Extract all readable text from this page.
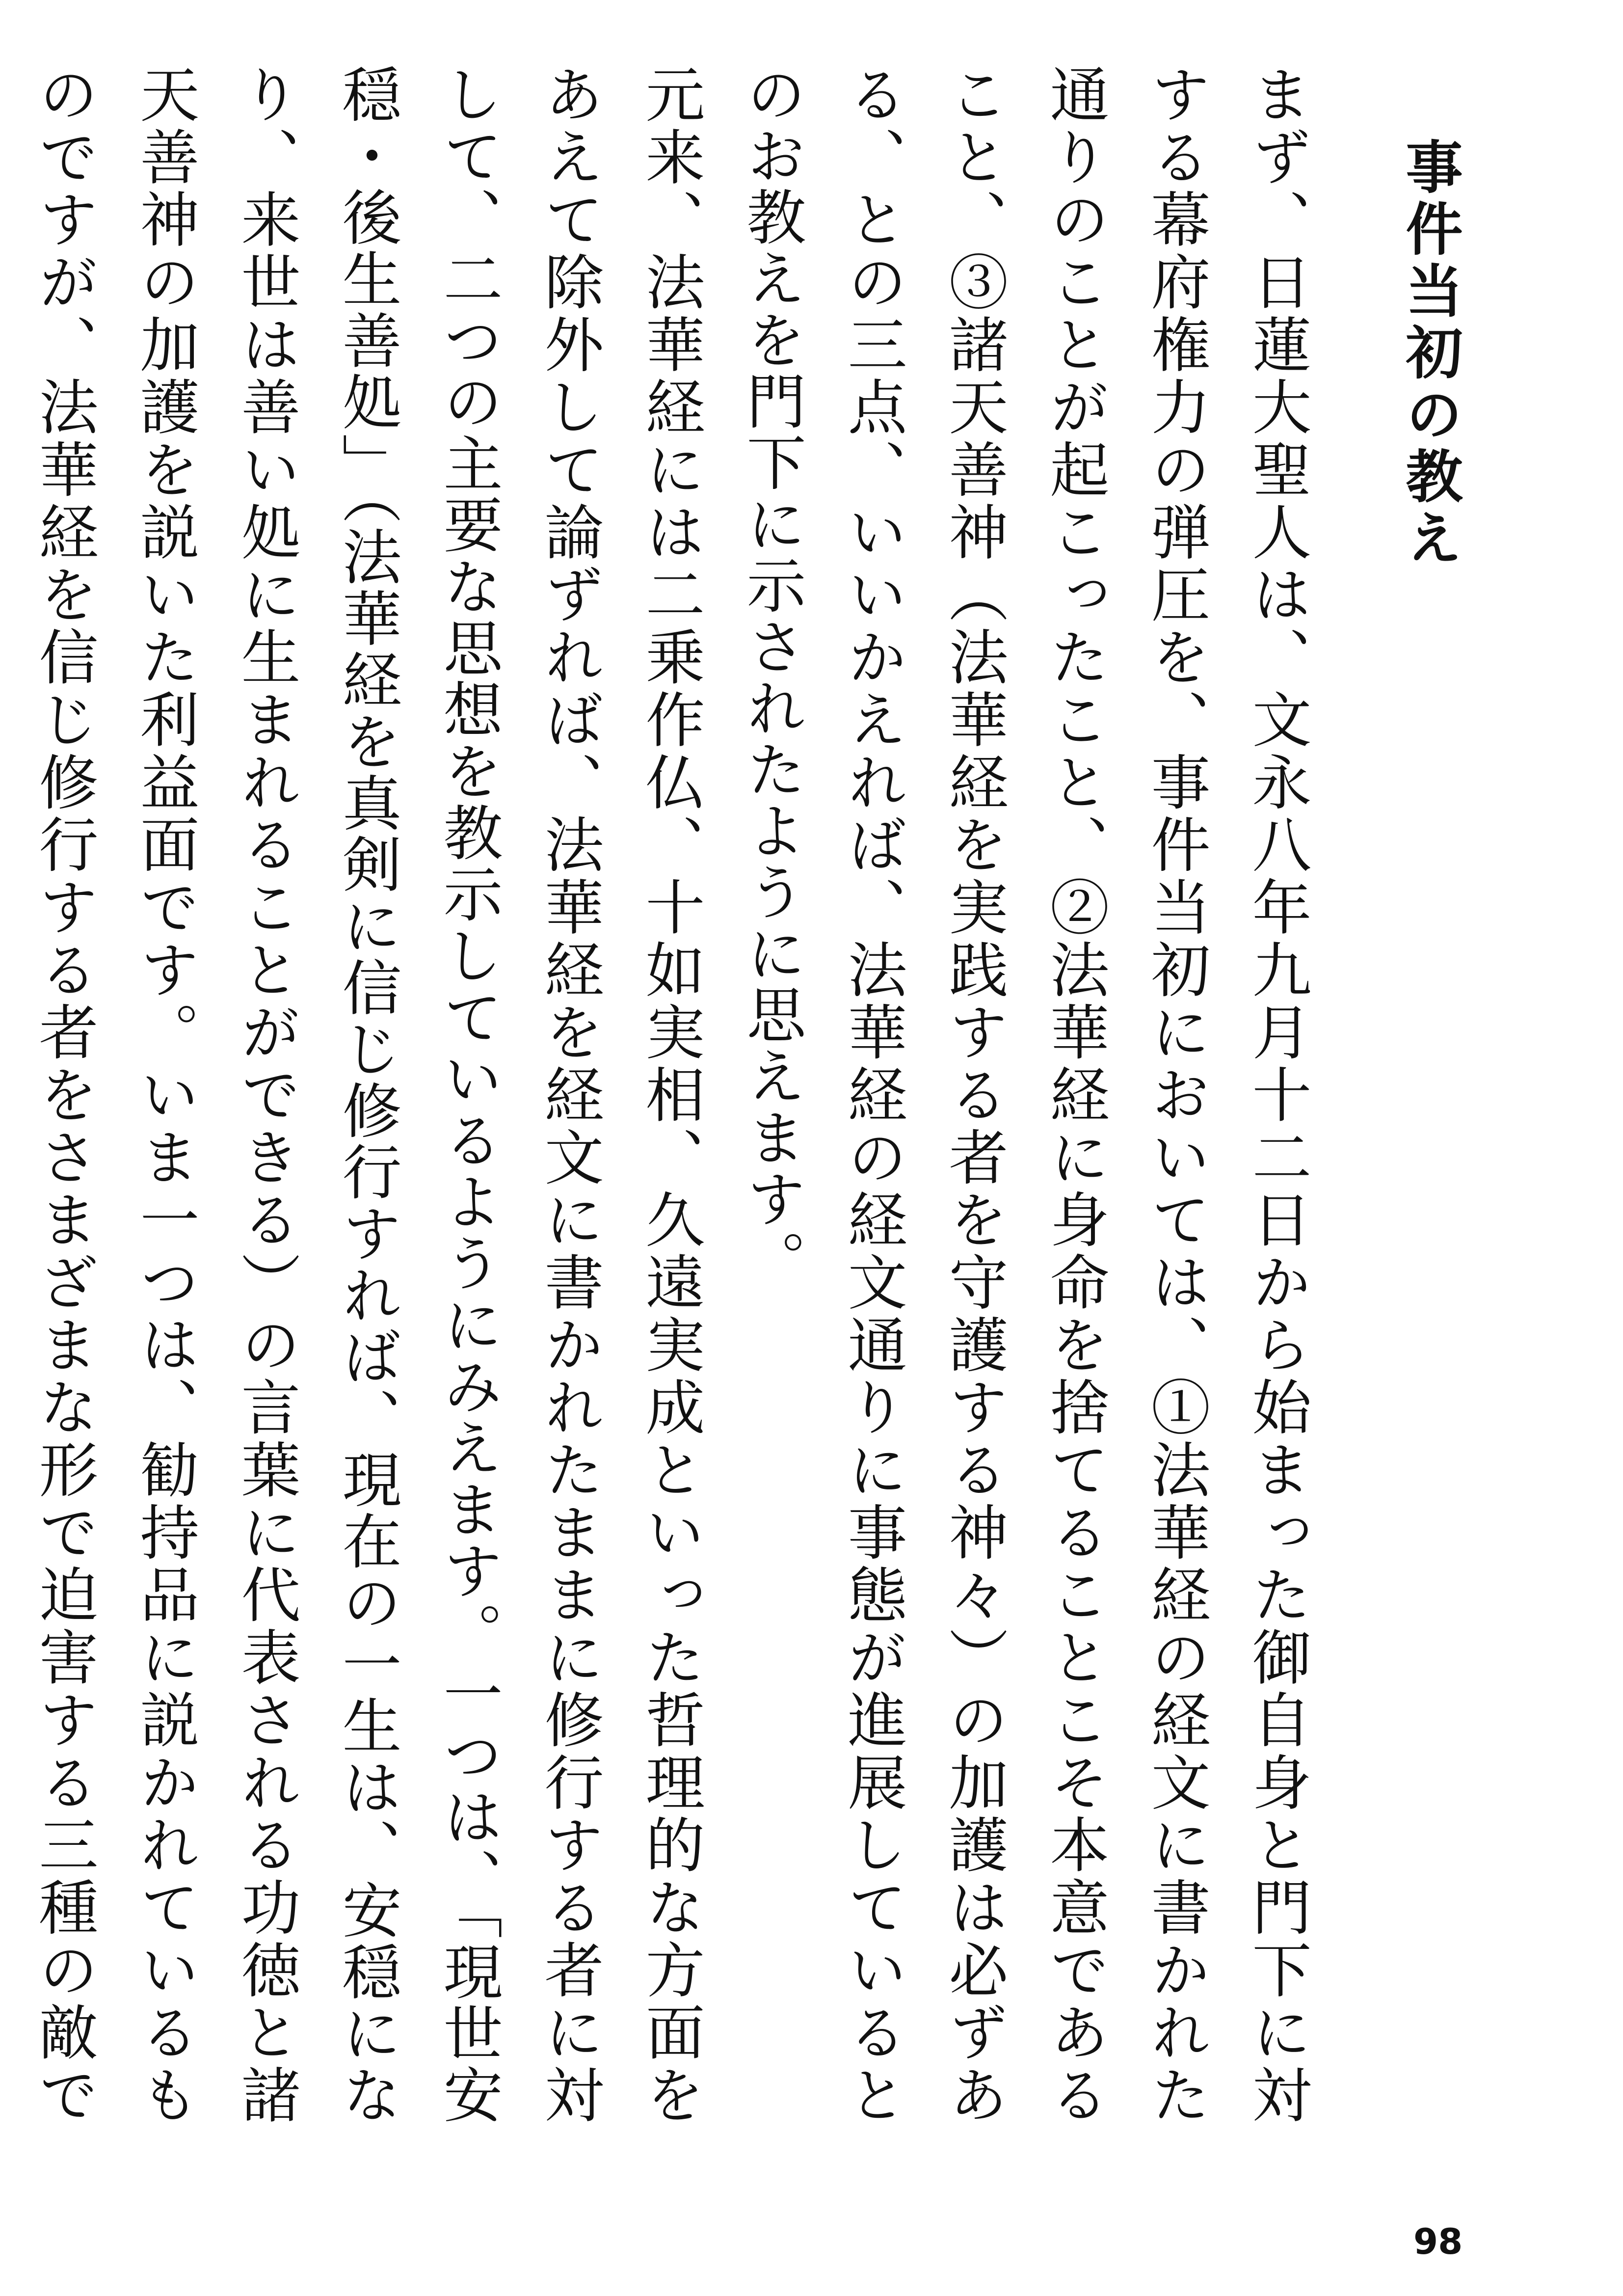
事件当初の教え

まず、日蓮大聖人は、文永八年九月十二日から始まった御自身と門下に対する幕府権力の弾圧を、事件当初においては、①法華経の経文に書かれた通りのことが起こったこと、②法華経に身命を捨てることこそ本意であること、③諸天善神（法華経を実践する者を守護する神々）の加護は必ずある、との三点、いいかえれば、法華経の経文通りに事態が進展しているとのお教えを門下に示されたように思えます。

元来、法華経には二乗作仏、十如実相、久遠実成といった哲理的な方面をあえて除外して論ずれば、法華経を経文に書かれたままに修行する者に対して、二つの主要な思想を教示しているようにみえます。一つは、「現世安穏・後生善処」（法華経を真剣に信じ修行すれば、現在の一生は、安穏になり、来世は善い処に生まれることができる）の言葉に代表される功徳と諸天善神の加護を説いた利益面です。いま一つは、勧持品に説かれているものですが、法華経を信じ修行する者をさまざまな形で迫害する三種の敵で

98
